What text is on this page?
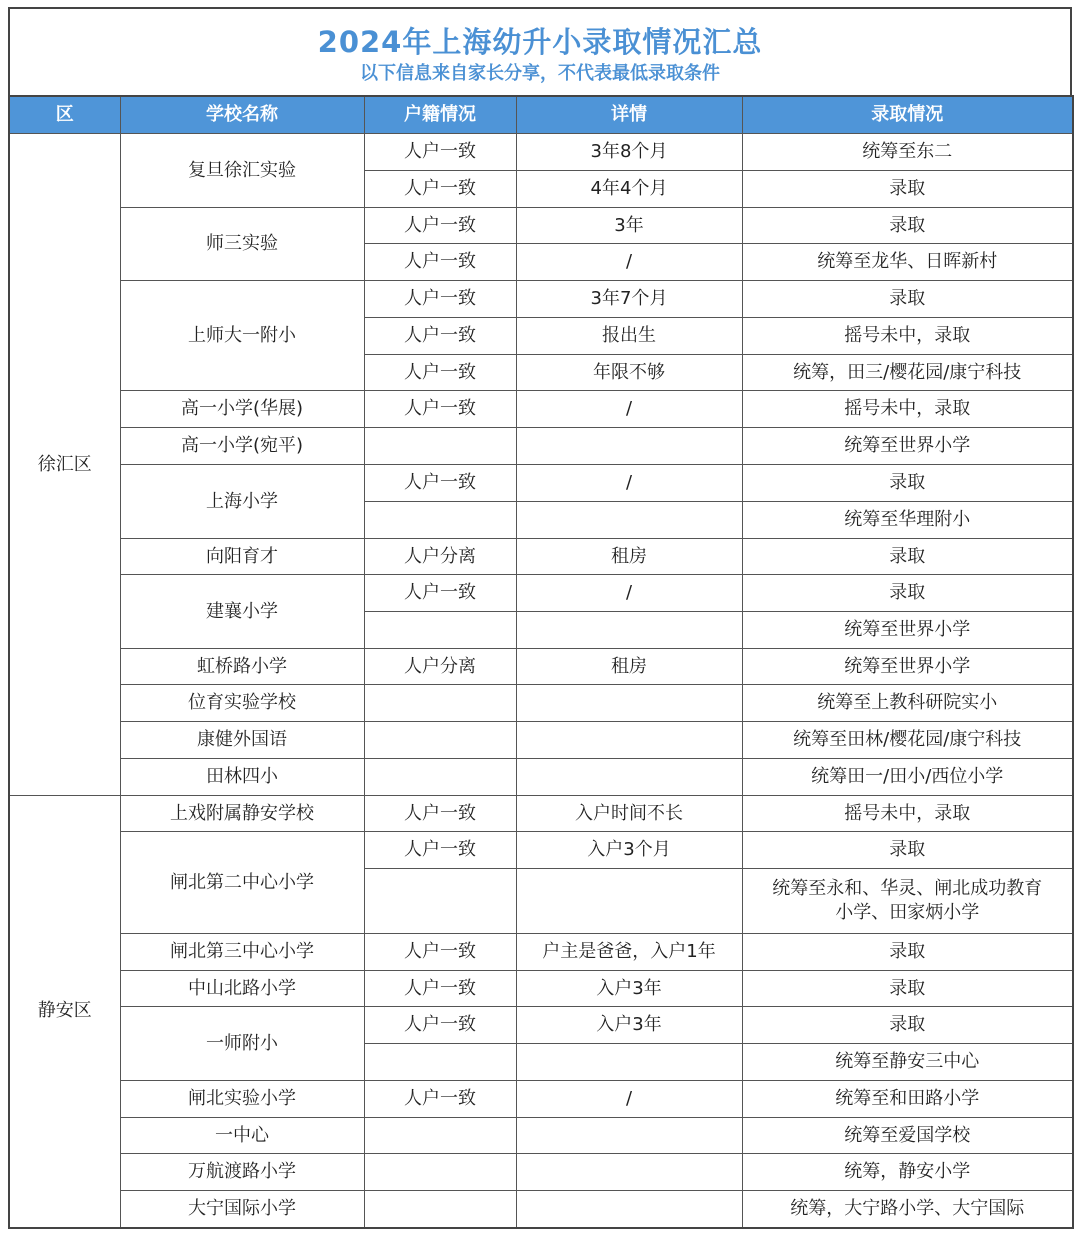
2024年上海幼升小录取情况汇总
以下信息来自家长分享，不代表最低录取条件
区	学校名称	户籍情况	详情	录取情况
徐汇区	复旦徐汇实验	人户一致	3年8个月	统筹至东二
		人户一致	4年4个月	录取
	师三实验	人户一致	3年	录取
		人户一致	/	统筹至龙华、日晖新村
	上师大一附小	人户一致	3年7个月	录取
		人户一致	报出生	摇号未中，录取
		人户一致	年限不够	统筹，田三/樱花园/康宁科技
	高一小学(华展)	人户一致	/	摇号未中，录取
	高一小学(宛平)			统筹至世界小学
	上海小学	人户一致	/	录取
				统筹至华理附小
	向阳育才	人户分离	租房	录取
	建襄小学	人户一致	/	录取
				统筹至世界小学
	虹桥路小学	人户分离	租房	统筹至世界小学
	位育实验学校			统筹至上教科研院实小
	康健外国语			统筹至田林/樱花园/康宁科技
	田林四小			统筹田一/田小/西位小学
静安区	上戏附属静安学校	人户一致	入户时间不长	摇号未中，录取
	闸北第二中心小学	人户一致	入户3个月	录取
				统筹至永和、华灵、闸北成功教育小学、田家炳小学
	闸北第三中心小学	人户一致	户主是爸爸，入户1年	录取
	中山北路小学	人户一致	入户3年	录取
	一师附小	人户一致	入户3年	录取
				统筹至静安三中心
	闸北实验小学	人户一致	/	统筹至和田路小学
	一中心			统筹至爱国学校
	万航渡路小学			统筹，静安小学
	大宁国际小学			统筹，大宁路小学、大宁国际
